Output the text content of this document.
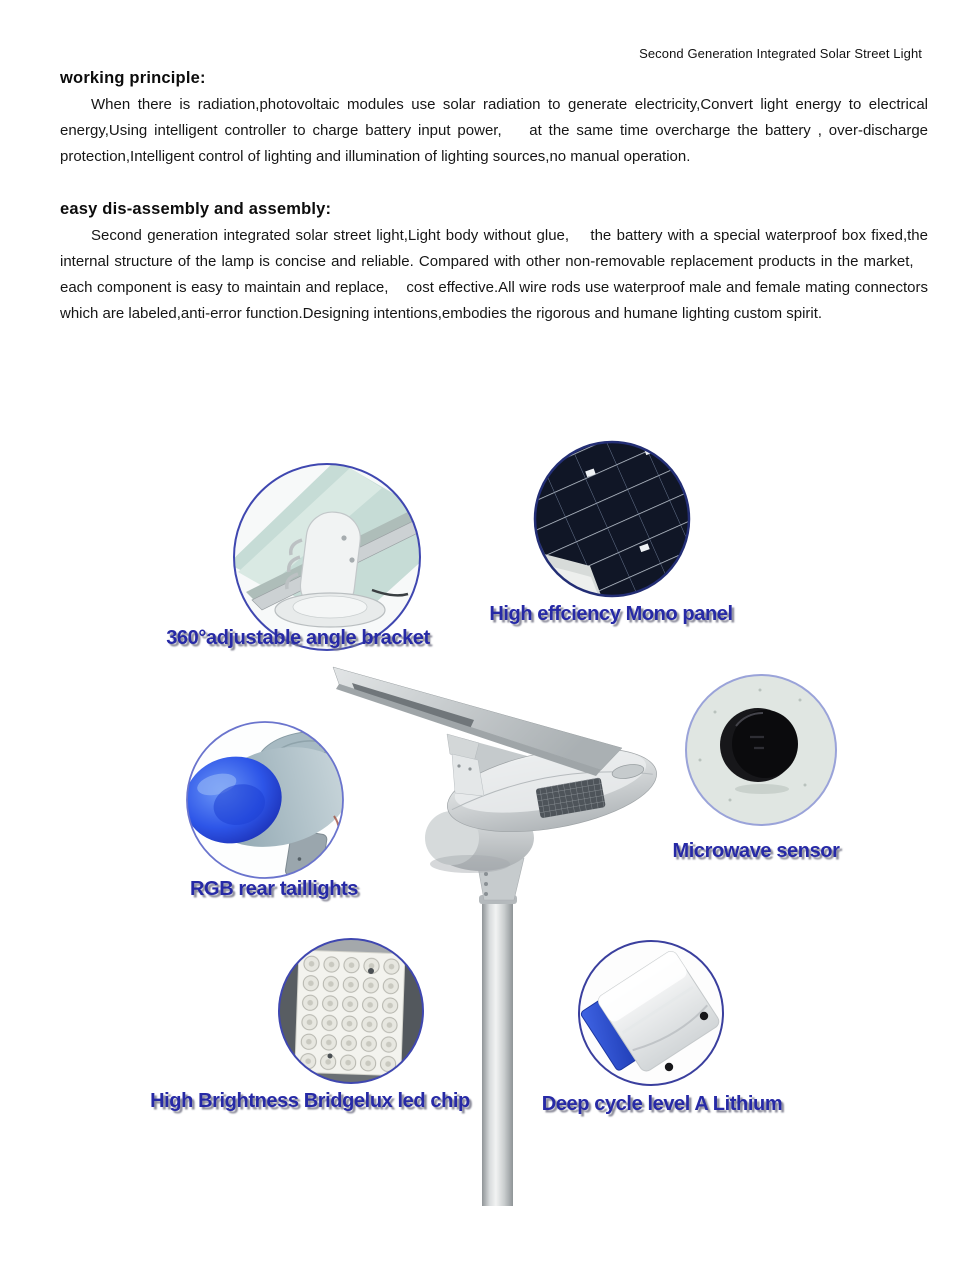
Second Generation Integrated Solar Street Light
working principle:

When there is radiation,photovoltaic modules use solar radiation to generate electricity,Convert light energy to electrical energy,Using intelligent controller to charge battery input power,    at the same time overcharge the battery , over-discharge protection,Intelligent control of lighting and illumination of lighting sources,no manual operation.

easy dis-assembly and assembly:

Second generation integrated solar street light,Light body without glue,    the battery with a special waterproof box fixed,the internal structure of the lamp is concise and reliable. Compared with other non-removable replacement products in the market,    each component is easy to maintain and replace,    cost effective.All wire rods use waterproof male and female mating connectors which are labeled,anti-error function.Designing intentions,embodies the rigorous and humane lighting custom spirit.

360°adjustable angle bracket
High effciency Mono panel
RGB rear taillights
Microwave sensor
High Brightness Bridgelux led chip	Deep cycle level A Lithium
